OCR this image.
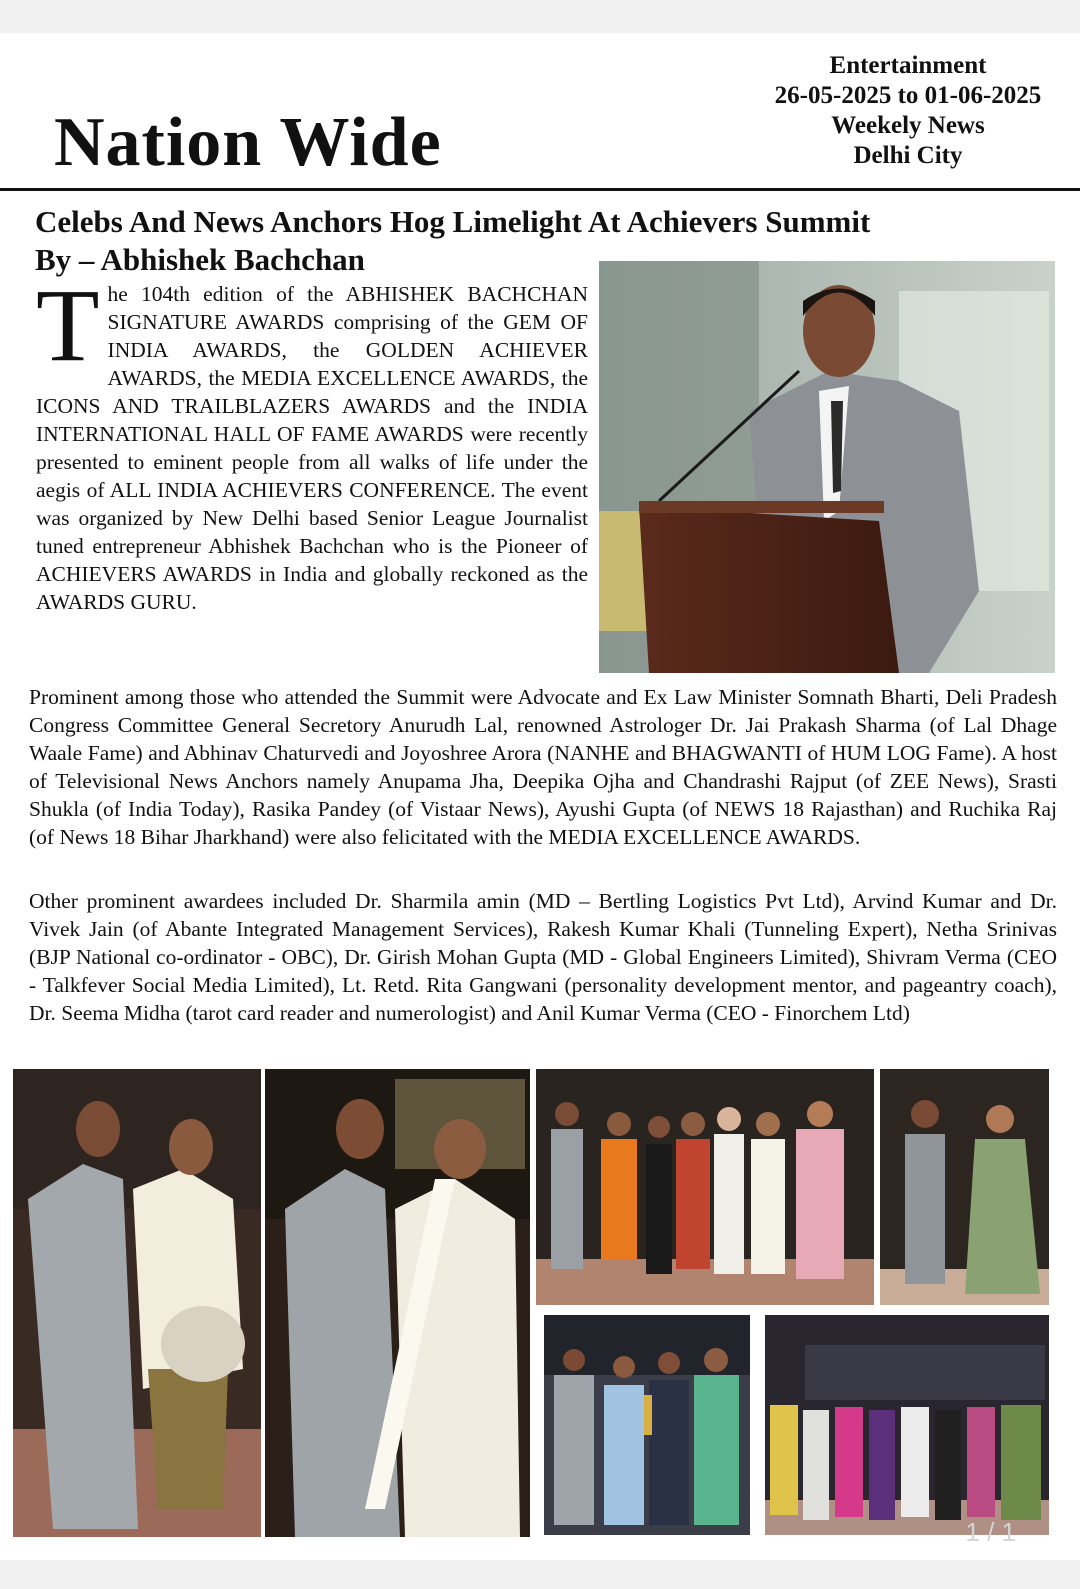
Nation Wide
Entertainment
26-05-2025 to 01-06-2025
Weekely News
Delhi City
Celebs And News Anchors Hog Limelight At Achievers Summit
By – Abhishek Bachchan

The 104th edition of the ABHISHEK BACHCHAN SIGNATURE AWARDS comprising of the GEM OF INDIA AWARDS, the GOLDEN ACHIEVER AWARDS, the MEDIA EXCELLENCE AWARDS, the ICONS AND TRAILBLAZERS AWARDS and the INDIA INTERNATIONAL HALL OF FAME AWARDS were recently presented to eminent people from all walks of life under the aegis of ALL INDIA ACHIEVERS CONFERENCE. The event was organized by New Delhi based Senior League Journalist tuned entrepreneur Abhishek Bachchan who is the Pioneer of ACHIEVERS AWARDS in India and globally reckoned as the AWARDS GURU.

Prominent among those who attended the Summit were Advocate and Ex Law Minister Somnath Bharti, Deli Pradesh Congress Committee General Secretory Anurudh Lal, renowned Astrologer Dr. Jai Prakash Sharma (of Lal Dhage Waale Fame) and Abhinav Chaturvedi and Joyoshree Arora (NANHE and BHAGWANTI of HUM LOG Fame). A host of Televisional News Anchors namely Anupama Jha, Deepika Ojha and Chandrashi Rajput (of ZEE News), Srasti Shukla (of India Today), Rasika Pandey (of Vistaar News), Ayushi Gupta (of NEWS 18 Rajasthan) and Ruchika Raj (of News 18 Bihar Jharkhand) were also felicitated with the MEDIA EXCELLENCE AWARDS.

Other prominent awardees included Dr. Sharmila amin (MD – Bertling Logistics Pvt Ltd), Arvind Kumar and Dr. Vivek Jain (of Abante Integrated Management Services), Rakesh Kumar Khali (Tunneling Expert), Netha Srinivas (BJP National co-ordinator - OBC), Dr. Girish Mohan Gupta (MD - Global Engineers Limited), Shivram Verma (CEO - Talkfever Social Media Limited), Lt. Retd. Rita Gangwani (personality development mentor, and pageantry coach), Dr. Seema Midha (tarot card reader and numerologist) and Anil Kumar Verma (CEO - Finorchem Ltd)

1 / 1
